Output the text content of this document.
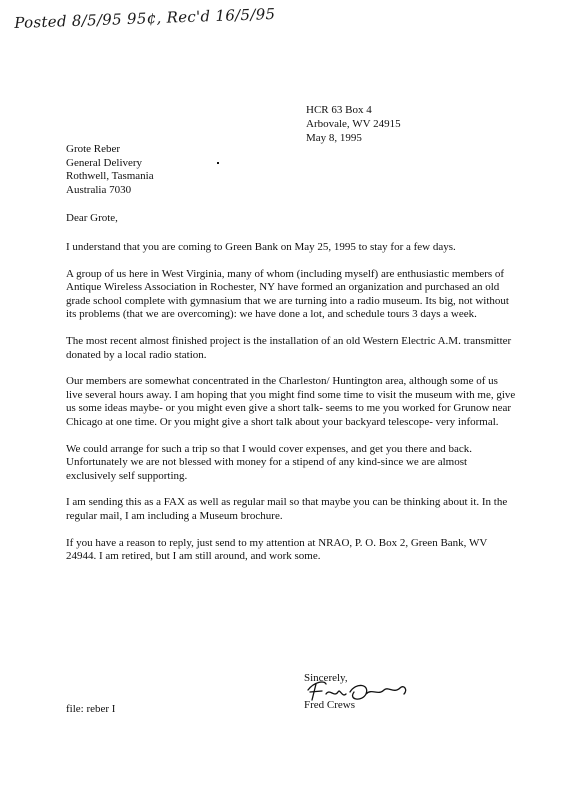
Posted 8/5/95 95¢, Rec'd 16/5/95
HCR 63 Box 4
Arbovale, WV 24915
May 8, 1995
Grote Reber
General Delivery
Rothwell, Tasmania
Australia 7030
Dear Grote,

I understand that you are coming to Green Bank on May 25, 1995 to stay for a few days.

A group of us here in West Virginia, many of whom (including myself) are enthusiastic members of Antique Wireless Association in Rochester, NY have formed an organization and purchased an old grade school complete with gymnasium that we are turning into a radio museum. Its big, not without its problems (that we are overcoming): we have done a lot, and schedule tours 3 days a week.

The most recent almost finished project is the installation of an old Western Electric A.M. transmitter donated by a local radio station.

Our members are somewhat concentrated in the Charleston/ Huntington area, although some of us live several hours away. I am hoping that you might find some time to visit the museum with me, give us some ideas maybe- or you might even give a short talk- seems to me you worked for Grunow near Chicago at one time. Or you might give a short talk about your backyard telescope- very informal.

We could arrange for such a trip so that I would cover expenses, and get you there and back. Unfortunately we are not blessed with money for a stipend of any kind-since we are almost exclusively self supporting.

I am sending this as a FAX as well as regular mail so that maybe you can be thinking about it. In the regular mail, I am including a Museum brochure.

If you have a reason to reply, just send to my attention at NRAO, P. O. Box 2, Green Bank, WV 24944. I am retired, but I am still around, and work some.

Sincerely,
Fred Crews
file: reber I
